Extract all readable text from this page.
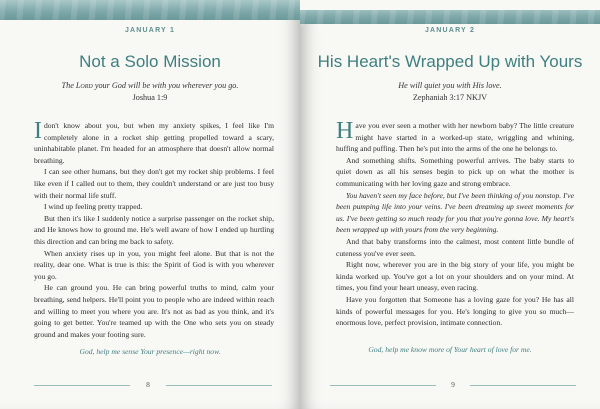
JANUARY 1
Not a Solo Mission
The Lord your God will be with you wherever you go.
Joshua 1:9

Idon't know about you, but when my anxiety spikes, I feel like I'm completely alone in a rocket ship getting propelled toward a scary, uninhabitable planet. I'm headed for an atmosphere that doesn't allow normal breathing.

I can see other humans, but they don't get my rocket ship problems. I feel like even if I called out to them, they couldn't understand or are just too busy with their normal life stuff.

I wind up feeling pretty trapped.

But then it's like I suddenly notice a surprise passenger on the rocket ship, and He knows how to ground me. He's well aware of how I ended up hurtling this direction and can bring me back to safety.

When anxiety rises up in you, you might feel alone. But that is not the reality, dear one. What is true is this: the Spirit of God is with you wherever you go.

He can ground you. He can bring powerful truths to mind, calm your breathing, send helpers. He'll point you to people who are indeed within reach and willing to meet you where you are. It's not as bad as you think, and it's going to get better. You're teamed up with the One who sets you on steady ground and makes your footing sure.

God, help me sense Your presence—right now.
8
JANUARY 2
His Heart's Wrapped Up with Yours
He will quiet you with His love.
Zephaniah 3:17 NKJV

Have you ever seen a mother with her newborn baby? The little creature might have started in a worked-up state, wriggling and whining, huffing and puffing. Then he's put into the arms of the one he belongs to.

And something shifts. Something powerful arrives. The baby starts to quiet down as all his senses begin to pick up on what the mother is communicating with her loving gaze and strong embrace.

You haven't seen my face before, but I've been thinking of you nonstop. I've been pumping life into your veins. I've been dreaming up sweet moments for us. I've been getting so much ready for you that you're gonna love. My heart's been wrapped up with yours from the very beginning.

And that baby transforms into the calmest, most content little bundle of cuteness you've ever seen.

Right now, wherever you are in the big story of your life, you might be kinda worked up. You've got a lot on your shoulders and on your mind. At times, you find your heart uneasy, even racing.

Have you forgotten that Someone has a loving gaze for you? He has all kinds of powerful messages for you. He's longing to give you so much—enormous love, perfect provision, intimate connection.

God, help me know more of Your heart of love for me.
9
